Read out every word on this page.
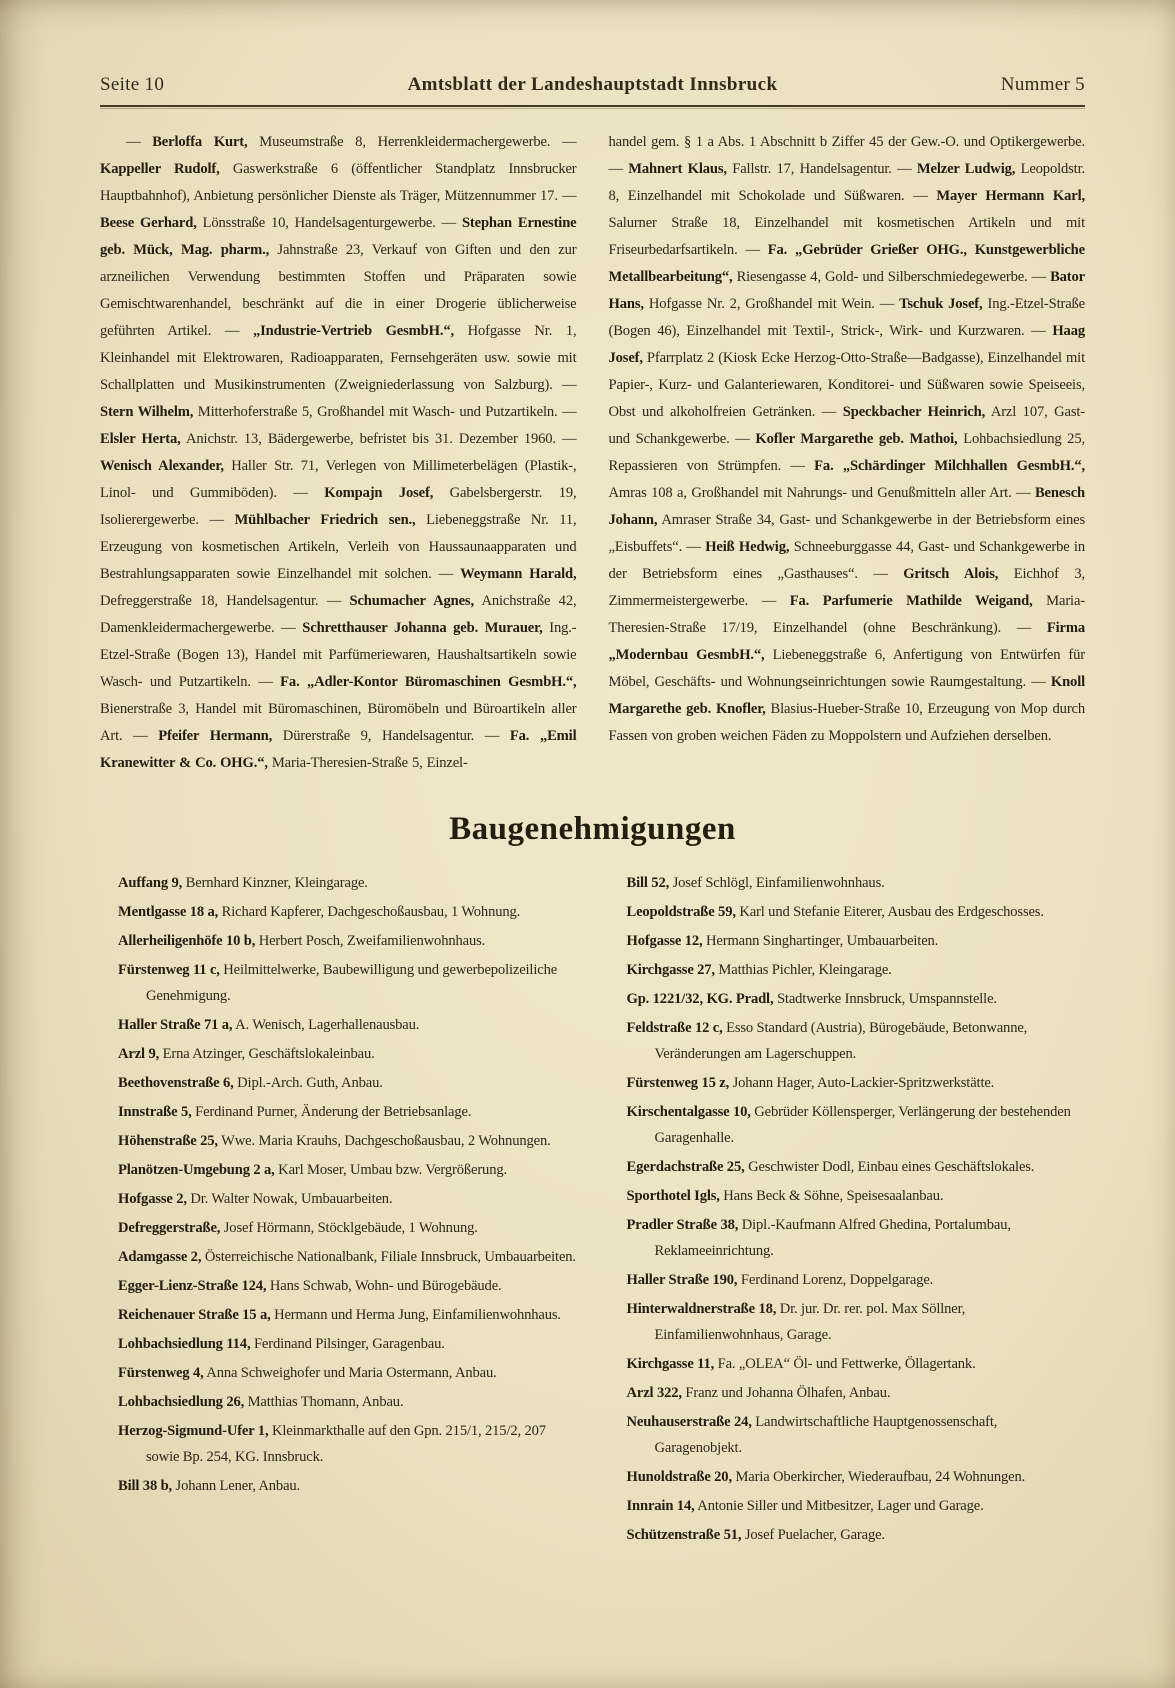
Seite 10	Amtsblatt der Landeshauptstadt Innsbruck	Nummer 5

— Berloffa Kurt, Museumstraße 8, Herrenkleidermachergewerbe. — Kappeller Rudolf, Gaswerkstraße 6 (öffentlicher Standplatz Innsbrucker Hauptbahnhof), Anbietung persönlicher Dienste als Träger, Mützennummer 17. — Beese Gerhard, Lönsstraße 10, Handelsagenturgewerbe. — Stephan Ernestine geb. Mück, Mag. pharm., Jahnstraße 23, Verkauf von Giften und den zur arzneilichen Verwendung bestimmten Stoffen und Präparaten sowie Gemischtwarenhandel, beschränkt auf die in einer Drogerie üblicherweise geführten Artikel. — „Industrie-Vertrieb GesmbH.“, Hofgasse Nr. 1, Kleinhandel mit Elektrowaren, Radioapparaten, Fernsehgeräten usw. sowie mit Schallplatten und Musikinstrumenten (Zweigniederlassung von Salzburg). — Stern Wilhelm, Mitterhoferstraße 5, Großhandel mit Wasch- und Putzartikeln. — Elsler Herta, Anichstr. 13, Bädergewerbe, befristet bis 31. Dezember 1960. — Wenisch Alexander, Haller Str. 71, Verlegen von Millimeterbelägen (Plastik-, Linol- und Gummiböden). — Kompajn Josef, Gabelsbergerstr. 19, Isolierergewerbe. — Mühlbacher Friedrich sen., Liebeneggstraße Nr. 11, Erzeugung von kosmetischen Artikeln, Verleih von Haussaunaapparaten und Bestrahlungsapparaten sowie Einzelhandel mit solchen. — Weymann Harald, Defreggerstraße 18, Handelsagentur. — Schumacher Agnes, Anichstraße 42, Damenkleidermachergewerbe. — Schretthauser Johanna geb. Murauer, Ing.-Etzel-Straße (Bogen 13), Handel mit Parfümeriewaren, Haushaltsartikeln sowie Wasch- und Putzartikeln. — Fa. „Adler-Kontor Büromaschinen GesmbH.“, Bienerstraße 3, Handel mit Büromaschinen, Büromöbeln und Büroartikeln aller Art. — Pfeifer Hermann, Dürerstraße 9, Handelsagentur. — Fa. „Emil Kranewitter & Co. OHG.“, Maria-Theresien-Straße 5, Einzel-

handel gem. § 1 a Abs. 1 Abschnitt b Ziffer 45 der Gew.-O. und Optikergewerbe. — Mahnert Klaus, Fallstr. 17, Handelsagentur. — Melzer Ludwig, Leopoldstr. 8, Einzelhandel mit Schokolade und Süßwaren. — Mayer Hermann Karl, Salurner Straße 18, Einzelhandel mit kosmetischen Artikeln und mit Friseurbedarfsartikeln. — Fa. „Gebrüder Grießer OHG., Kunstgewerbliche Metallbearbeitung“, Riesengasse 4, Gold- und Silberschmiedegewerbe. — Bator Hans, Hofgasse Nr. 2, Großhandel mit Wein. — Tschuk Josef, Ing.-Etzel-Straße (Bogen 46), Einzelhandel mit Textil-, Strick-, Wirk- und Kurzwaren. — Haag Josef, Pfarrplatz 2 (Kiosk Ecke Herzog-Otto-Straße—Badgasse), Einzelhandel mit Papier-, Kurz- und Galanteriewaren, Konditorei- und Süßwaren sowie Speiseeis, Obst und alkoholfreien Getränken. — Speckbacher Heinrich, Arzl 107, Gast- und Schankgewerbe. — Kofler Margarethe geb. Mathoi, Lohbachsiedlung 25, Repassieren von Strümpfen. — Fa. „Schärdinger Milchhallen GesmbH.“, Amras 108 a, Großhandel mit Nahrungs- und Genußmitteln aller Art. — Benesch Johann, Amraser Straße 34, Gast- und Schankgewerbe in der Betriebsform eines „Eisbuffets“. — Heiß Hedwig, Schneeburggasse 44, Gast- und Schankgewerbe in der Betriebsform eines „Gasthauses“. — Gritsch Alois, Eichhof 3, Zimmermeistergewerbe. — Fa. Parfumerie Mathilde Weigand, Maria-Theresien-Straße 17/19, Einzelhandel (ohne Beschränkung). — Firma „Modernbau GesmbH.“, Liebeneggstraße 6, Anfertigung von Entwürfen für Möbel, Geschäfts- und Wohnungseinrichtungen sowie Raumgestaltung. — Knoll Margarethe geb. Knofler, Blasius-Hueber-Straße 10, Erzeugung von Mop durch Fassen von groben weichen Fäden zu Moppolstern und Aufziehen derselben.

Baugenehmigungen

Auffang 9, Bernhard Kinzner, Kleingarage.

Mentlgasse 18 a, Richard Kapferer, Dachgeschoßausbau, 1 Wohnung.

Allerheiligenhöfe 10 b, Herbert Posch, Zweifamilienwohnhaus.

Fürstenweg 11 c, Heilmittelwerke, Baubewilligung und gewerbepolizeiliche Genehmigung.

Haller Straße 71 a, A. Wenisch, Lagerhallenausbau.

Arzl 9, Erna Atzinger, Geschäftslokaleinbau.

Beethovenstraße 6, Dipl.-Arch. Guth, Anbau.

Innstraße 5, Ferdinand Purner, Änderung der Betriebsanlage.

Höhenstraße 25, Wwe. Maria Krauhs, Dachgeschoßausbau, 2 Wohnungen.

Planötzen-Umgebung 2 a, Karl Moser, Umbau bzw. Vergrößerung.

Hofgasse 2, Dr. Walter Nowak, Umbauarbeiten.

Defreggerstraße, Josef Hörmann, Stöcklgebäude, 1 Wohnung.

Adamgasse 2, Österreichische Nationalbank, Filiale Innsbruck, Umbauarbeiten.

Egger-Lienz-Straße 124, Hans Schwab, Wohn- und Bürogebäude.

Reichenauer Straße 15 a, Hermann und Herma Jung, Einfamilienwohnhaus.

Lohbachsiedlung 114, Ferdinand Pilsinger, Garagenbau.

Fürstenweg 4, Anna Schweighofer und Maria Ostermann, Anbau.

Lohbachsiedlung 26, Matthias Thomann, Anbau.

Herzog-Sigmund-Ufer 1, Kleinmarkthalle auf den Gpn. 215/1, 215/2, 207 sowie Bp. 254, KG. Innsbruck.

Bill 38 b, Johann Lener, Anbau.

Bill 52, Josef Schlögl, Einfamilienwohnhaus.

Leopoldstraße 59, Karl und Stefanie Eiterer, Ausbau des Erdgeschosses.

Hofgasse 12, Hermann Singhartinger, Umbauarbeiten.

Kirchgasse 27, Matthias Pichler, Kleingarage.

Gp. 1221/32, KG. Pradl, Stadtwerke Innsbruck, Umspannstelle.

Feldstraße 12 c, Esso Standard (Austria), Bürogebäude, Betonwanne, Veränderungen am Lagerschuppen.

Fürstenweg 15 z, Johann Hager, Auto-Lackier-Spritzwerkstätte.

Kirschentalgasse 10, Gebrüder Köllensperger, Verlängerung der bestehenden Garagenhalle.

Egerdachstraße 25, Geschwister Dodl, Einbau eines Geschäftslokales.

Sporthotel Igls, Hans Beck & Söhne, Speisesaalanbau.

Pradler Straße 38, Dipl.-Kaufmann Alfred Ghedina, Portalumbau, Reklameeinrichtung.

Haller Straße 190, Ferdinand Lorenz, Doppelgarage.

Hinterwaldnerstraße 18, Dr. jur. Dr. rer. pol. Max Söllner, Einfamilienwohnhaus, Garage.

Kirchgasse 11, Fa. „OLEA“ Öl- und Fettwerke, Öllagertank.

Arzl 322, Franz und Johanna Ölhafen, Anbau.

Neuhauserstraße 24, Landwirtschaftliche Hauptgenossenschaft, Garagenobjekt.

Hunoldstraße 20, Maria Oberkircher, Wiederaufbau, 24 Wohnungen.

Innrain 14, Antonie Siller und Mitbesitzer, Lager und Garage.

Schützenstraße 51, Josef Puelacher, Garage.
